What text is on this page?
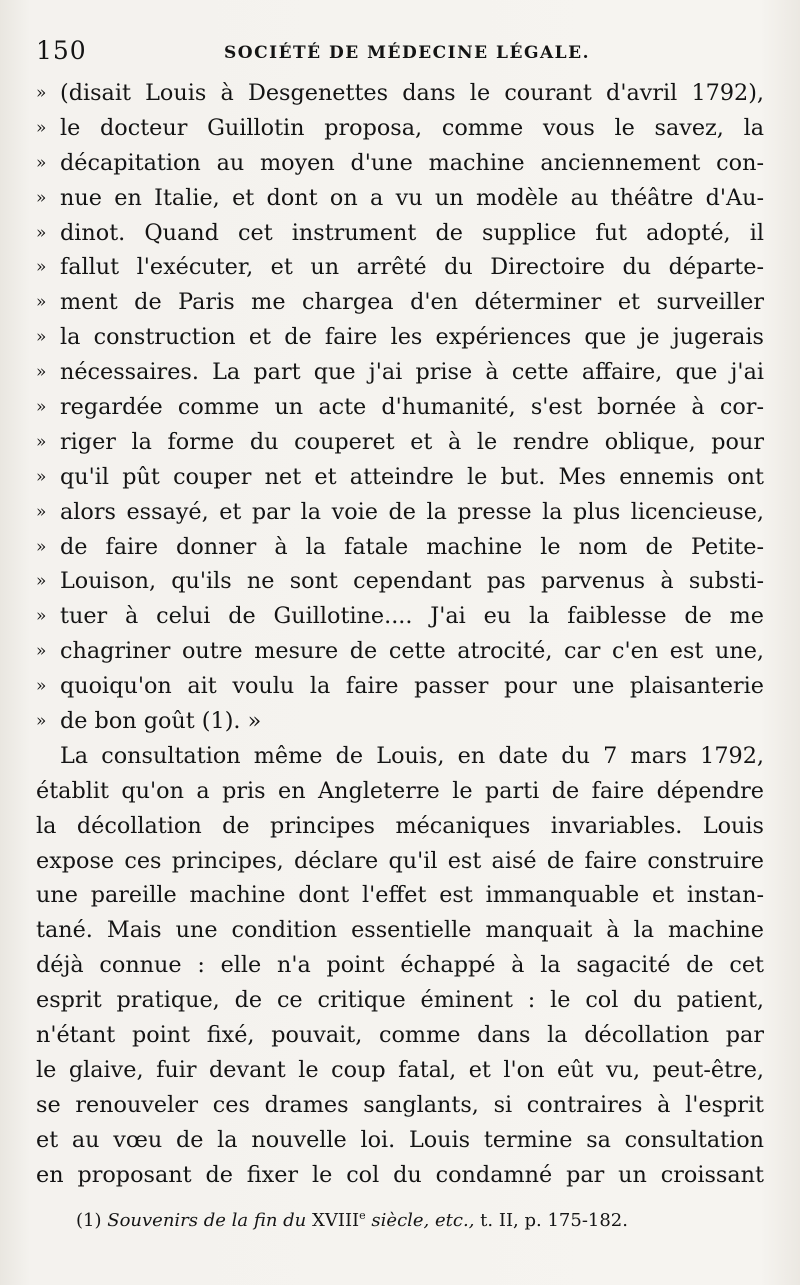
150	SOCIÉTÉ DE MÉDECINE LÉGALE.
» (disait Louis à Desgenettes dans le courant d'avril 1792),
» le docteur Guillotin proposa, comme vous le savez, la
» décapitation au moyen d'une machine anciennement con-
» nue en Italie, et dont on a vu un modèle au théâtre d'Au-
» dinot. Quand cet instrument de supplice fut adopté, il
» fallut l'exécuter, et un arrêté du Directoire du départe-
» ment de Paris me chargea d'en déterminer et surveiller
» la construction et de faire les expériences que je jugerais
» nécessaires. La part que j'ai prise à cette affaire, que j'ai
» regardée comme un acte d'humanité, s'est bornée à cor-
» riger la forme du couperet et à le rendre oblique, pour
» qu'il pût couper net et atteindre le but. Mes ennemis ont
» alors essayé, et par la voie de la presse la plus licencieuse,
» de faire donner à la fatale machine le nom de Petite-
» Louison, qu'ils ne sont cependant pas parvenus à substi-
» tuer à celui de Guillotine.... J'ai eu la faiblesse de me
» chagriner outre mesure de cette atrocité, car c'en est une,
» quoiqu'on ait voulu la faire passer pour une plaisanterie
» de bon goût (1). »
La consultation même de Louis, en date du 7 mars 1792,
établit qu'on a pris en Angleterre le parti de faire dépendre
la décollation de principes mécaniques invariables. Louis
expose ces principes, déclare qu'il est aisé de faire construire
une pareille machine dont l'effet est immanquable et instan-
tané. Mais une condition essentielle manquait à la machine
déjà connue : elle n'a point échappé à la sagacité de cet
esprit pratique, de ce critique éminent : le col du patient,
n'étant point fixé, pouvait, comme dans la décollation par
le glaive, fuir devant le coup fatal, et l'on eût vu, peut-être,
se renouveler ces drames sanglants, si contraires à l'esprit
et au vœu de la nouvelle loi. Louis termine sa consultation
en proposant de fixer le col du condamné par un croissant
(1) Souvenirs de la fin du XVIIIe siècle, etc., t. II, p. 175-182.
